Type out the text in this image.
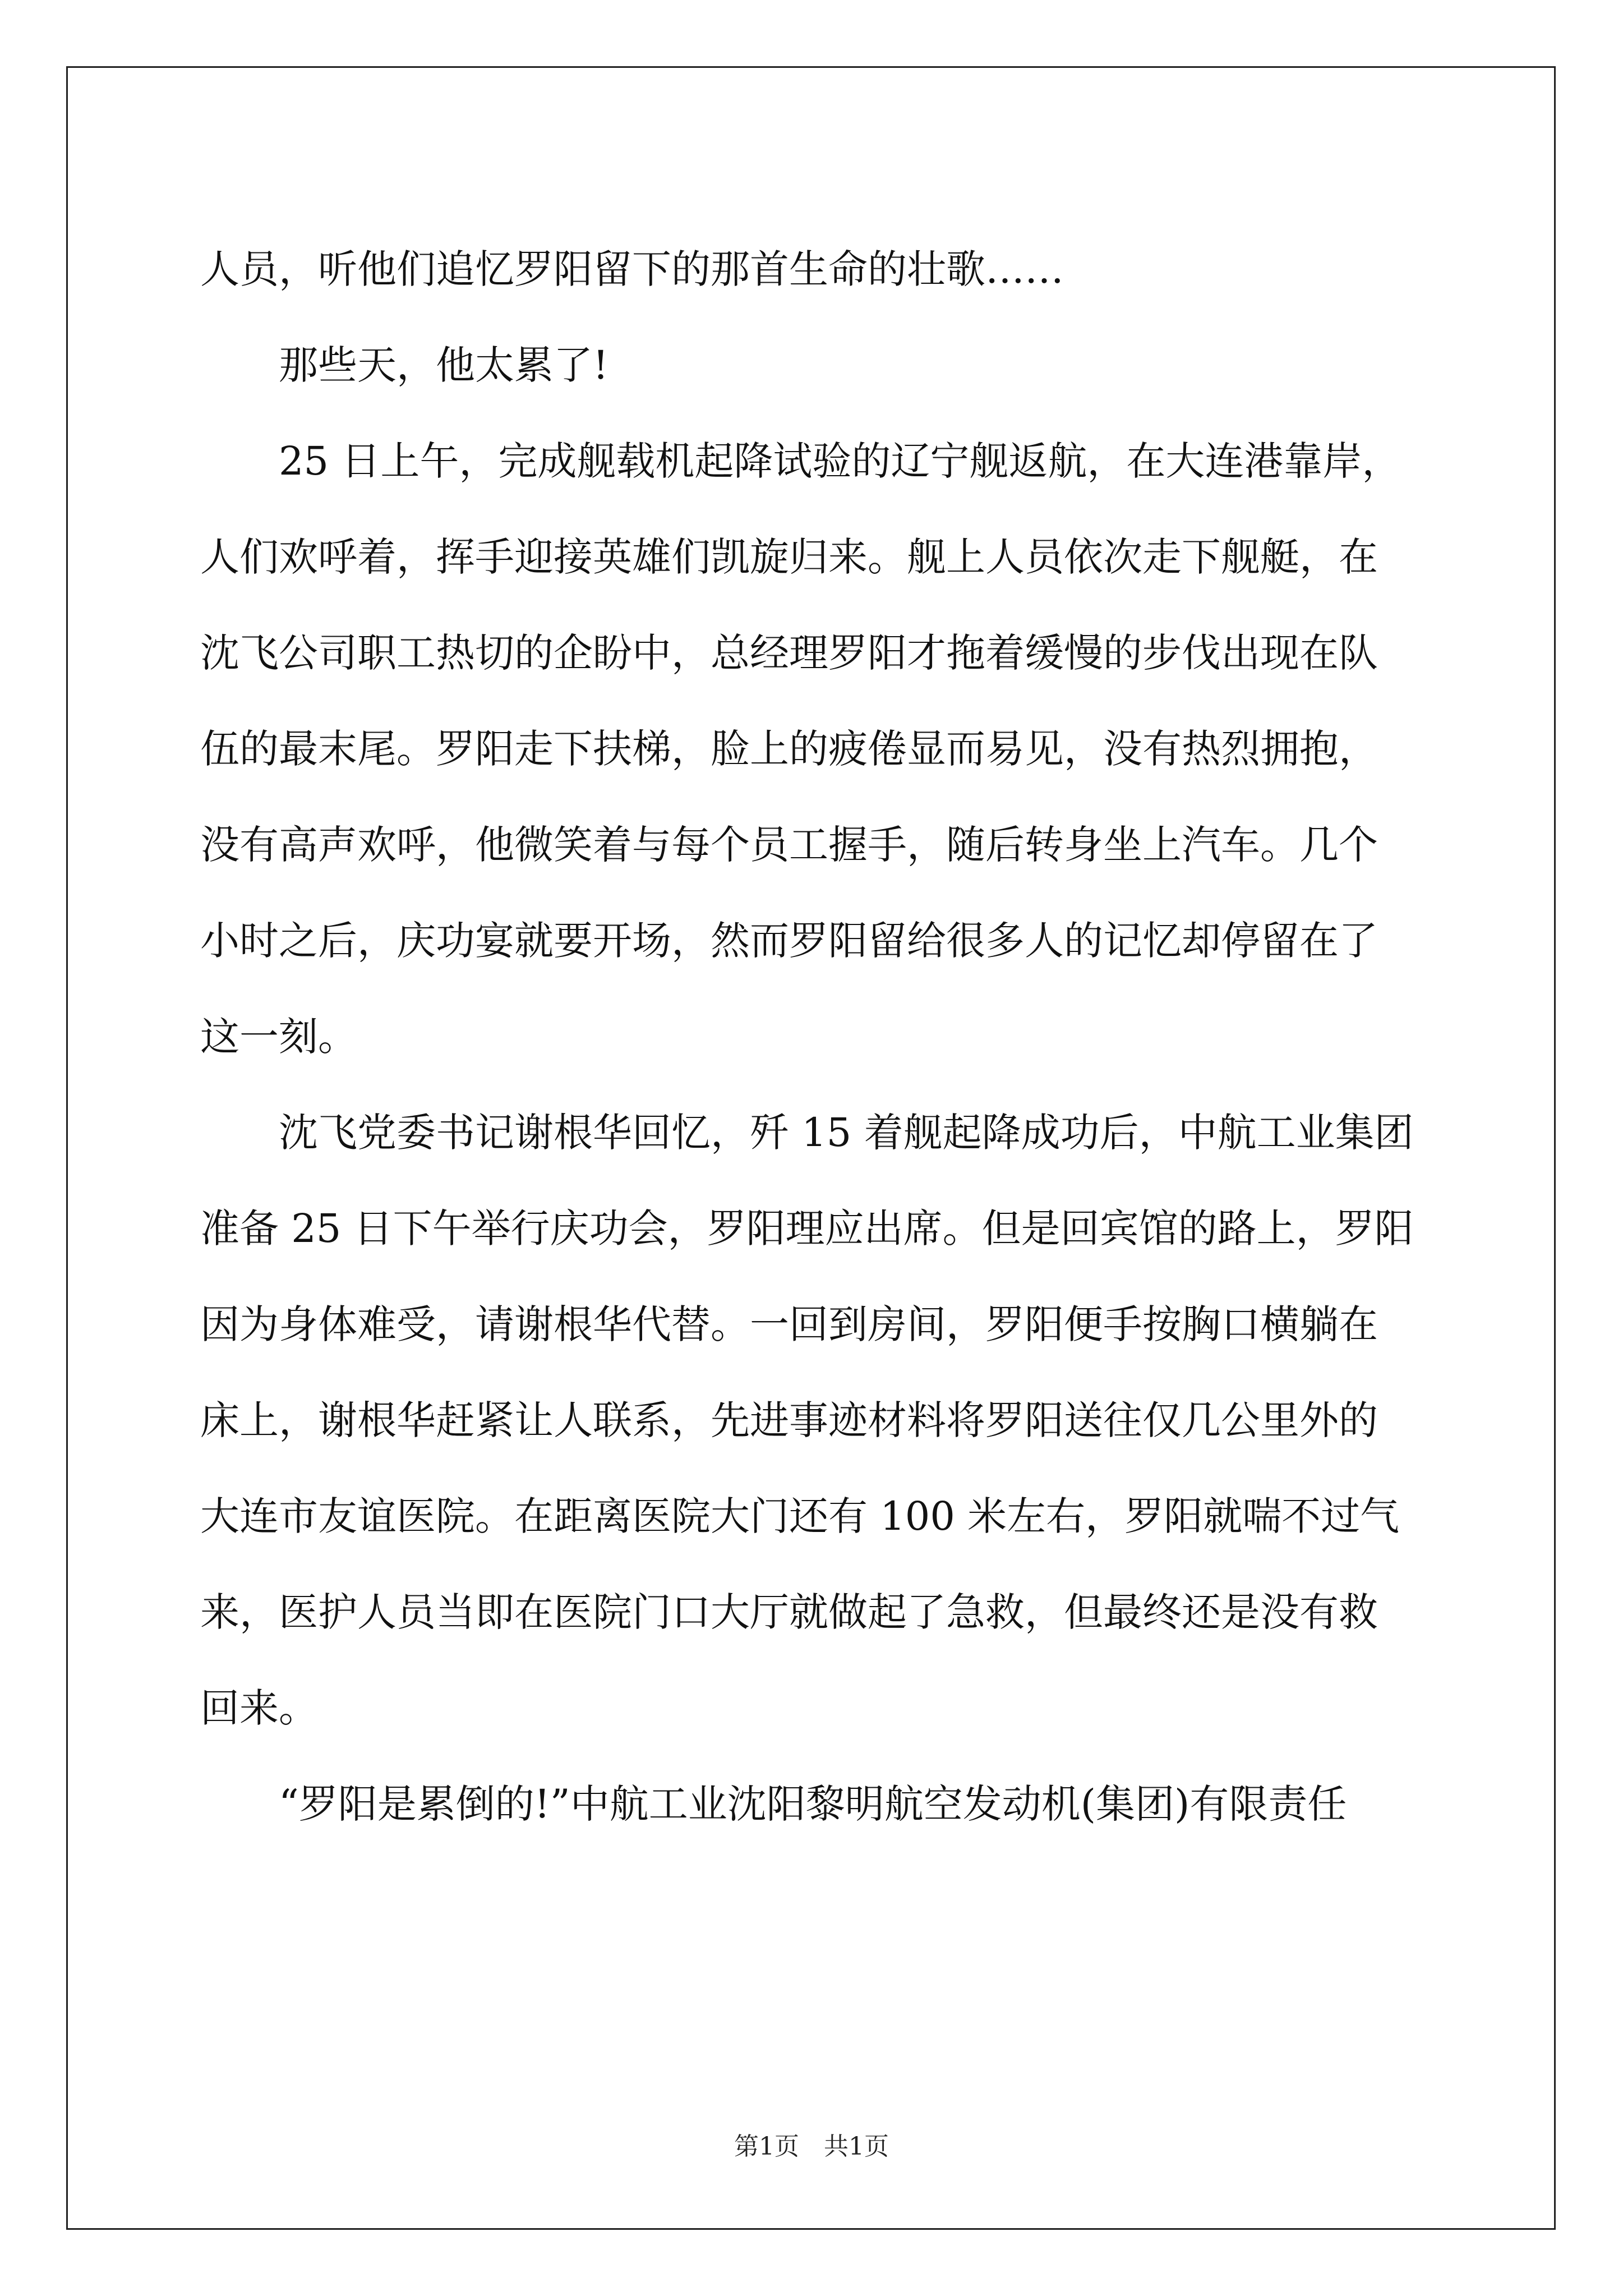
人员，听他们追忆罗阳留下的那首生命的壮歌……
　　那些天，他太累了!
　　25 日上午，完成舰载机起降试验的辽宁舰返航，在大连港靠岸，
人们欢呼着，挥手迎接英雄们凯旋归来。舰上人员依次走下舰艇，在
沈飞公司职工热切的企盼中，总经理罗阳才拖着缓慢的步伐出现在队
伍的最末尾。罗阳走下扶梯，脸上的疲倦显而易见，没有热烈拥抱，
没有高声欢呼，他微笑着与每个员工握手，随后转身坐上汽车。几个
小时之后，庆功宴就要开场，然而罗阳留给很多人的记忆却停留在了
这一刻。
　　沈飞党委书记谢根华回忆，歼 15 着舰起降成功后，中航工业集团
准备 25 日下午举行庆功会，罗阳理应出席。但是回宾馆的路上，罗阳
因为身体难受，请谢根华代替。一回到房间，罗阳便手按胸口横躺在
床上，谢根华赶紧让人联系，先进事迹材料将罗阳送往仅几公里外的
大连市友谊医院。在距离医院大门还有 100 米左右，罗阳就喘不过气
来，医护人员当即在医院门口大厅就做起了急救，但最终还是没有救
回来。
　　“罗阳是累倒的!”中航工业沈阳黎明航空发动机(集团)有限责任
第1页　共1页
